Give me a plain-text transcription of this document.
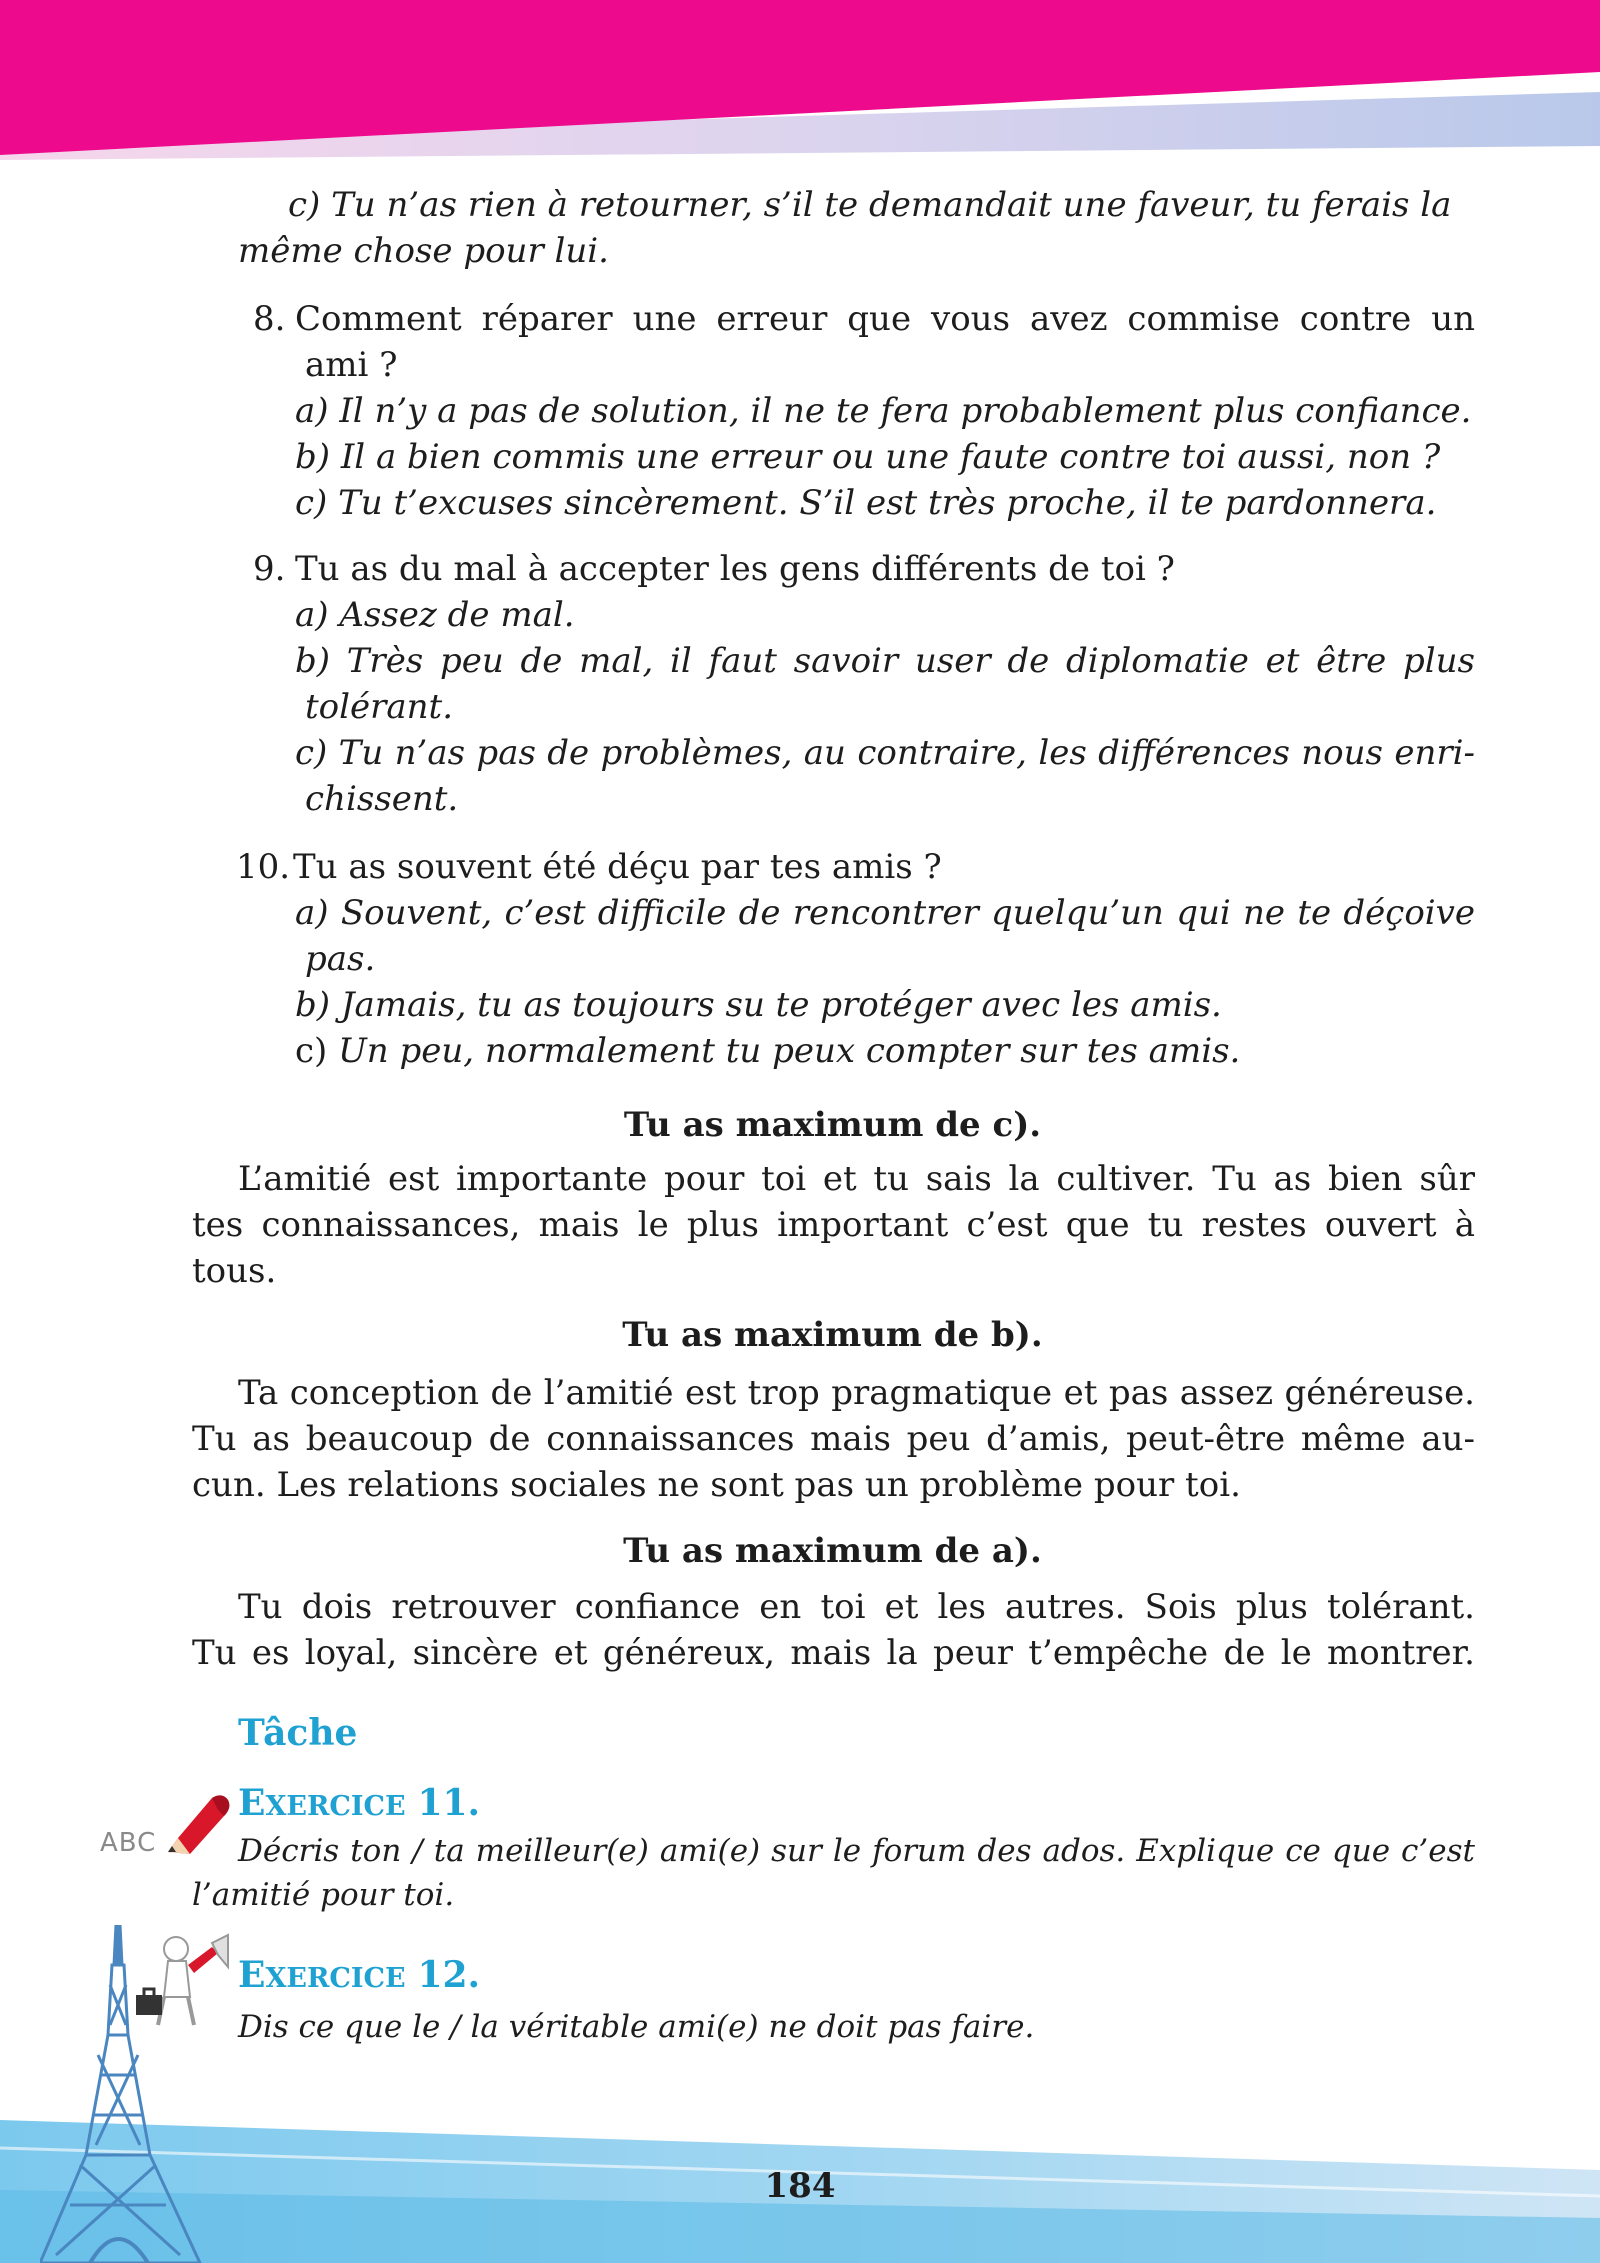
c) Tu n’as rien à retourner, s’il te demandait une faveur, tu ferais la
même chose pour lui.
8. Comment réparer une erreur que vous avez commise contre un
ami ?
a) Il n’y a pas de solution, il ne te fera probablement plus confiance.
b) Il a bien commis une erreur ou une faute contre toi aussi, non ?
c) Tu t’excuses sincèrement. S’il est très proche, il te pardonnera.
9. Tu as du mal à accepter les gens différents de toi ?
a) Assez de mal.
b) Très peu de mal, il faut savoir user de diplomatie et être plus
tolérant.
c) Tu n’as pas de problèmes, au contraire, les différences nous enri-
chissent.
10. Tu as souvent été déçu par tes amis ?
a) Souvent, c’est difficile de rencontrer quelqu’un qui ne te déçoive
pas.
b) Jamais, tu as toujours su te protéger avec les amis.
c) Un peu, normalement tu peux compter sur tes amis.
Tu as maximum de c).
L’amitié est importante pour toi et tu sais la cultiver. Tu as bien sûr
tes connaissances, mais le plus important c’est que tu restes ouvert à
tous.
Tu as maximum de b).
Ta conception de l’amitié est trop pragmatique et pas assez généreuse.
Tu as beaucoup de connaissances mais peu d’amis, peut-être même au-
cun. Les relations sociales ne sont pas un problème pour toi.
Tu as maximum de a).
Tu dois retrouver confiance en toi et les autres. Sois plus tolérant.
Tu es loyal, sincère et généreux, mais la peur t’empêche de le montrer.
Tâche
EXERCICE 11.
ABC	Décris ton / ta meilleur(e) ami(e) sur le forum des ados. Explique ce que c’est
l’amitié pour toi.
EXERCICE 12.
Dis ce que le / la véritable ami(e) ne doit pas faire.
184
